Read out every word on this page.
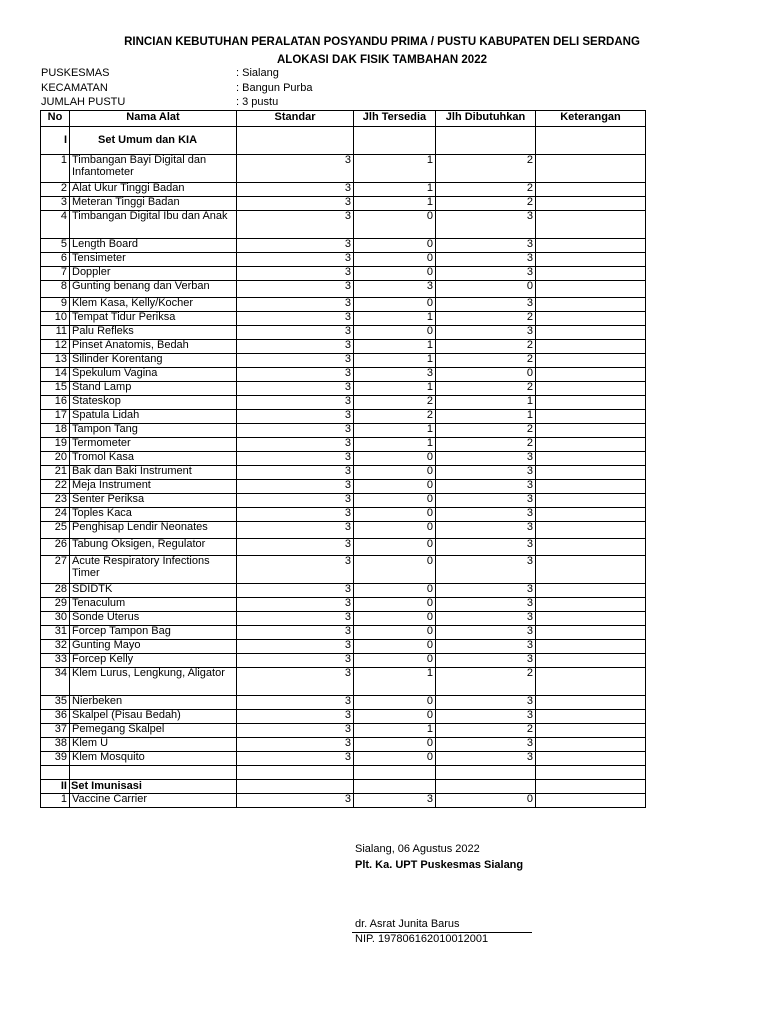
RINCIAN KEBUTUHAN PERALATAN POSYANDU PRIMA / PUSTU KABUPATEN DELI SERDANG
ALOKASI DAK FISIK TAMBAHAN 2022
PUSKESMAS	: Sialang
KECAMATAN	: Bangun Purba
JUMLAH PUSTU	: 3 pustu
No	Nama Alat	Standar	Jlh Tersedia	Jlh Dibutuhkan	Keterangan
I	Set Umum dan KIA				
1	Timbangan Bayi Digital dan Infantometer	3	1	2	
2	Alat Ukur Tinggi Badan	3	1	2	
3	Meteran Tinggi Badan	3	1	2	
4	Timbangan Digital Ibu dan Anak	3	0	3	
5	Length Board	3	0	3	
6	Tensimeter	3	0	3	
7	Doppler	3	0	3	
8	Gunting benang dan Verban	3	3	0	
9	Klem Kasa, Kelly/Kocher	3	0	3	
10	Tempat Tidur Periksa	3	1	2	
11	Palu Refleks	3	0	3	
12	Pinset Anatomis, Bedah	3	1	2	
13	Silinder Korentang	3	1	2	
14	Spekulum Vagina	3	3	0	
15	Stand Lamp	3	1	2	
16	Stateskop	3	2	1	
17	Spatula Lidah	3	2	1	
18	Tampon Tang	3	1	2	
19	Termometer	3	1	2	
20	Tromol Kasa	3	0	3	
21	Bak dan Baki Instrument	3	0	3	
22	Meja Instrument	3	0	3	
23	Senter Periksa	3	0	3	
24	Toples Kaca	3	0	3	
25	Penghisap Lendir Neonates	3	0	3	
26	Tabung Oksigen, Regulator	3	0	3	
27	Acute Respiratory Infections Timer	3	0	3	
28	SDIDTK	3	0	3	
29	Tenaculum	3	0	3	
30	Sonde Uterus	3	0	3	
31	Forcep Tampon Bag	3	0	3	
32	Gunting Mayo	3	0	3	
33	Forcep Kelly	3	0	3	
34	Klem Lurus, Lengkung, Aligator	3	1	2	
35	Nierbeken	3	0	3	
36	Skalpel (Pisau Bedah)	3	0	3	
37	Pemegang Skalpel	3	1	2	
38	Klem U	3	0	3	
39	Klem Mosquito	3	0	3	

II	Set Imunisasi				
1	Vaccine Carrier	3	3	0	
Sialang, 06 Agustus 2022
Plt. Ka. UPT Puskesmas Sialang
dr. Asrat Junita Barus
NIP. 197806162010012001
